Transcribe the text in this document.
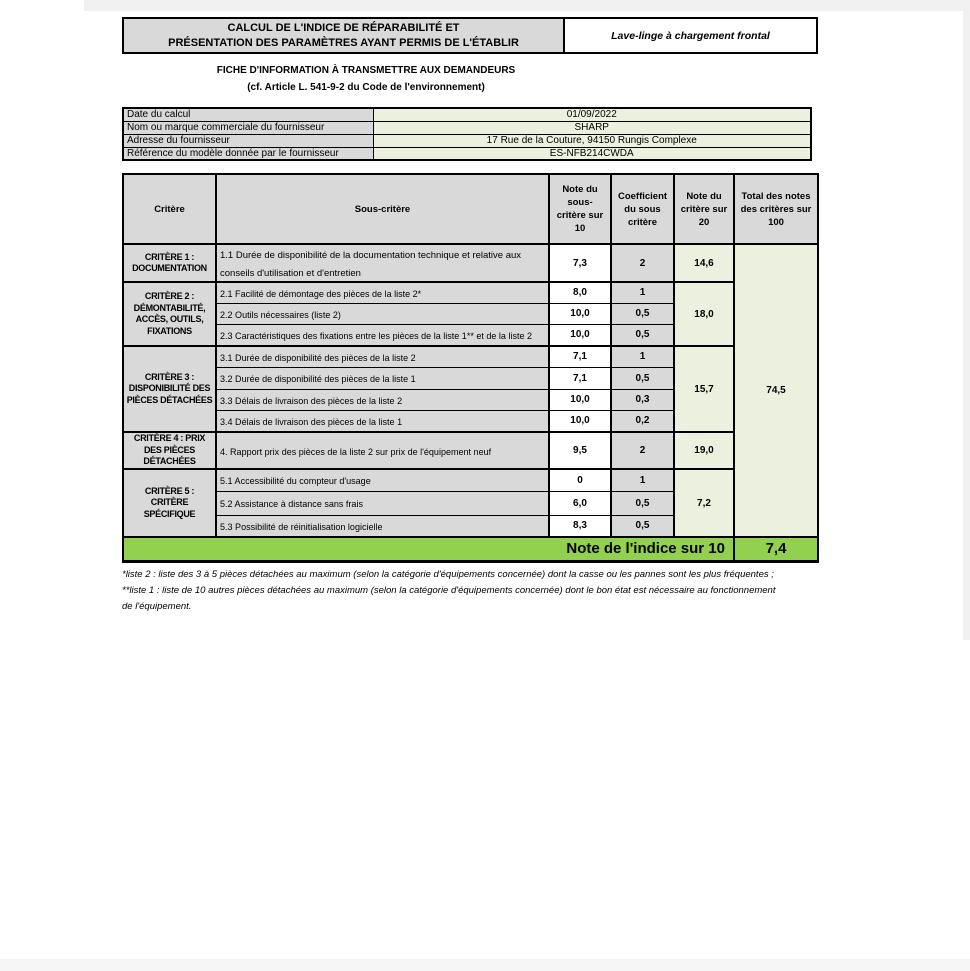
CALCUL DE L'INDICE DE RÉPARABILITÉ ET
PRÉSENTATION DES PARAMÈTRES AYANT PERMIS DE L'ÉTABLIR
Lave-linge à chargement frontal
FICHE D'INFORMATION À TRANSMETTRE AUX DEMANDEURS
(cf. Article L. 541-9-2 du Code de l'environnement)
Date du calcul	01/09/2022
Nom ou marque commerciale du fournisseur	SHARP
Adresse du fournisseur	17 Rue de la Couture, 94150 Rungis Complexe
Référence du modèle donnée par le fournisseur	ES-NFB214CWDA
Critère	Sous-critère	Note du sous-critère sur 10	Coefficient du sous critère	Note du critère sur 20	Total des notes des critères sur 100
CRITÈRE 1 : DOCUMENTATION	1.1 Durée de disponibilité de la documentation technique et relative aux conseils d'utilisation et d'entretien	7,3	2	14,6	74,5
CRITÈRE 2 : DÉMONTABILITÉ, ACCÈS, OUTILS, FIXATIONS	2.1 Facilité de démontage des pièces de la liste 2*	8,0	1	18,0	
	2.2 Outils nécessaires (liste 2)	10,0	0,5		
	2.3 Caractéristiques des fixations entre les pièces de la liste 1** et de la liste 2	10,0	0,5		
CRITÈRE 3 : DISPONIBILITÉ DES PIÈCES DÉTACHÉES	3.1 Durée de disponibilité des pièces de la liste 2	7,1	1	15,7	
	3.2 Durée de disponibilité des pièces de la liste 1	7,1	0,5		
	3.3 Délais de livraison des pièces de la liste 2	10,0	0,3		
	3.4 Délais de livraison des pièces de la liste 1	10,0	0,2		
CRITÈRE 4 : PRIX DES PIÈCES DÉTACHÉES	4. Rapport prix des pièces de la liste 2 sur prix de l'équipement neuf	9,5	2	19,0	
CRITÈRE 5 : CRITÈRE SPÉCIFIQUE	5.1 Accessibilité du compteur d'usage	0	1	7,2	
	5.2 Assistance à distance sans frais	6,0	0,5		
	5.3 Possibilité de réinitialisation logicielle	8,3	0,5		
Note de l'indice sur 10					7,4
*liste 2 : liste des 3 à 5 pièces détachées au maximum (selon la catégorie d'équipements concernée) dont la casse ou les pannes sont les plus fréquentes ;
**liste 1 : liste de 10 autres pièces détachées au maximum (selon la catégorie d'équipements concernée) dont le bon état est nécessaire au fonctionnement de l'équipement.
